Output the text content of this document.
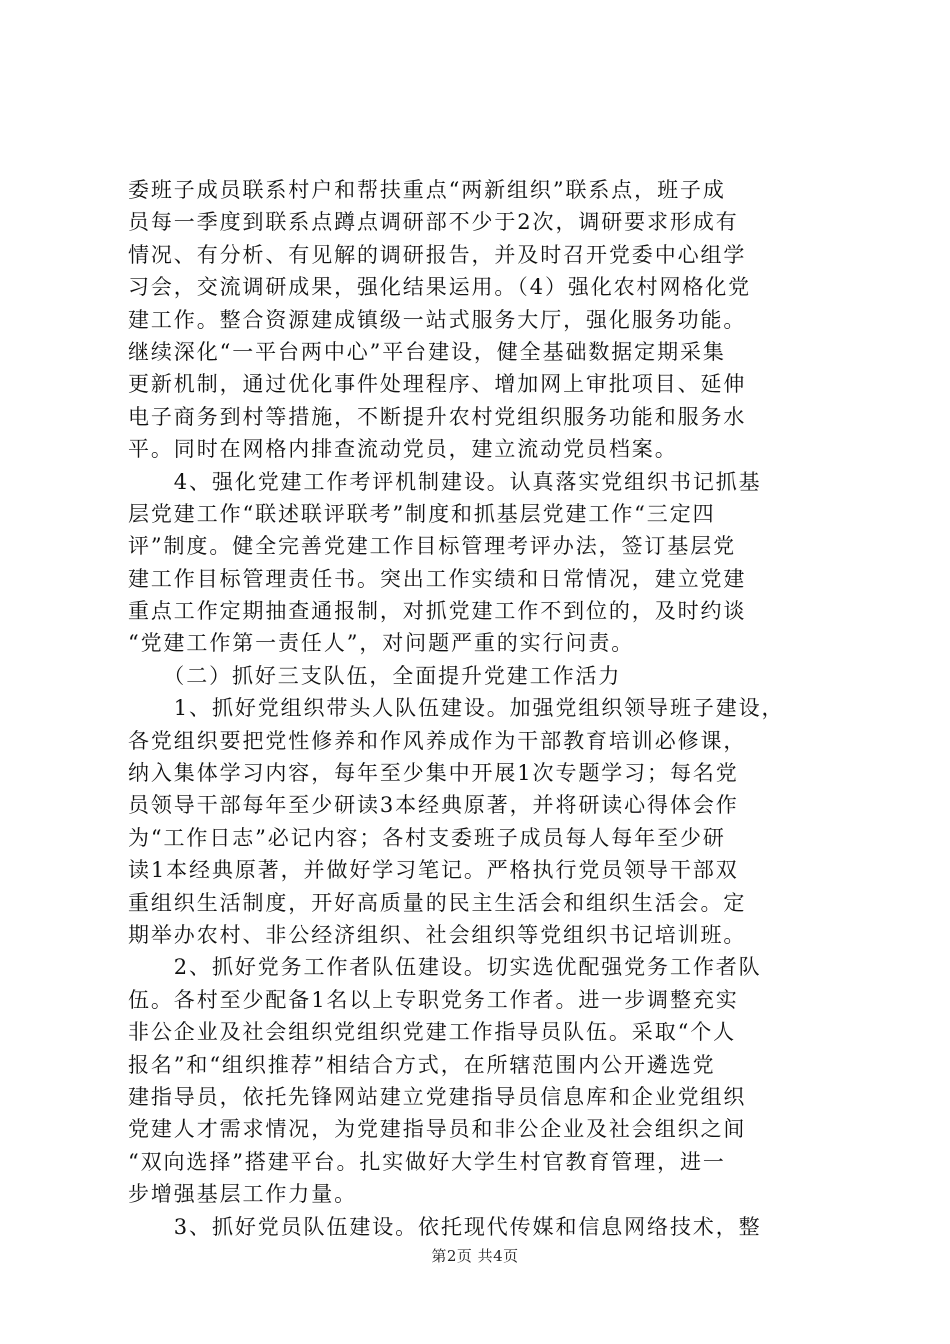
委班子成员联系村户和帮扶重点“两新组织”联系点，班子成
员每一季度到联系点蹲点调研部不少于2次，调研要求形成有
情况、有分析、有见解的调研报告，并及时召开党委中心组学
习会，交流调研成果，强化结果运用。（4）强化农村网格化党
建工作。整合资源建成镇级一站式服务大厅，强化服务功能。
继续深化“一平台两中心”平台建设，健全基础数据定期采集
更新机制，通过优化事件处理程序、增加网上审批项目、延伸
电子商务到村等措施，不断提升农村党组织服务功能和服务水
平。同时在网格内排查流动党员，建立流动党员档案。
　　4、强化党建工作考评机制建设。认真落实党组织书记抓基
层党建工作“联述联评联考”制度和抓基层党建工作“三定四
评”制度。健全完善党建工作目标管理考评办法，签订基层党
建工作目标管理责任书。突出工作实绩和日常情况，建立党建
重点工作定期抽查通报制，对抓党建工作不到位的，及时约谈
“党建工作第一责任人”，对问题严重的实行问责。
　　（二）抓好三支队伍，全面提升党建工作活力
　　1、抓好党组织带头人队伍建设。加强党组织领导班子建设，
各党组织要把党性修养和作风养成作为干部教育培训必修课，
纳入集体学习内容，每年至少集中开展1次专题学习；每名党
员领导干部每年至少研读3本经典原著，并将研读心得体会作
为“工作日志”必记内容；各村支委班子成员每人每年至少研
读1本经典原著，并做好学习笔记。严格执行党员领导干部双
重组织生活制度，开好高质量的民主生活会和组织生活会。定
期举办农村、非公经济组织、社会组织等党组织书记培训班。
　　2、抓好党务工作者队伍建设。切实选优配强党务工作者队
伍。各村至少配备1名以上专职党务工作者。进一步调整充实
非公企业及社会组织党组织党建工作指导员队伍。采取“个人
报名”和“组织推荐”相结合方式，在所辖范围内公开遴选党
建指导员，依托先锋网站建立党建指导员信息库和企业党组织
党建人才需求情况，为党建指导员和非公企业及社会组织之间
“双向选择”搭建平台。扎实做好大学生村官教育管理，进一
步增强基层工作力量。
　　3、抓好党员队伍建设。依托现代传媒和信息网络技术，整
第2页 共4页
